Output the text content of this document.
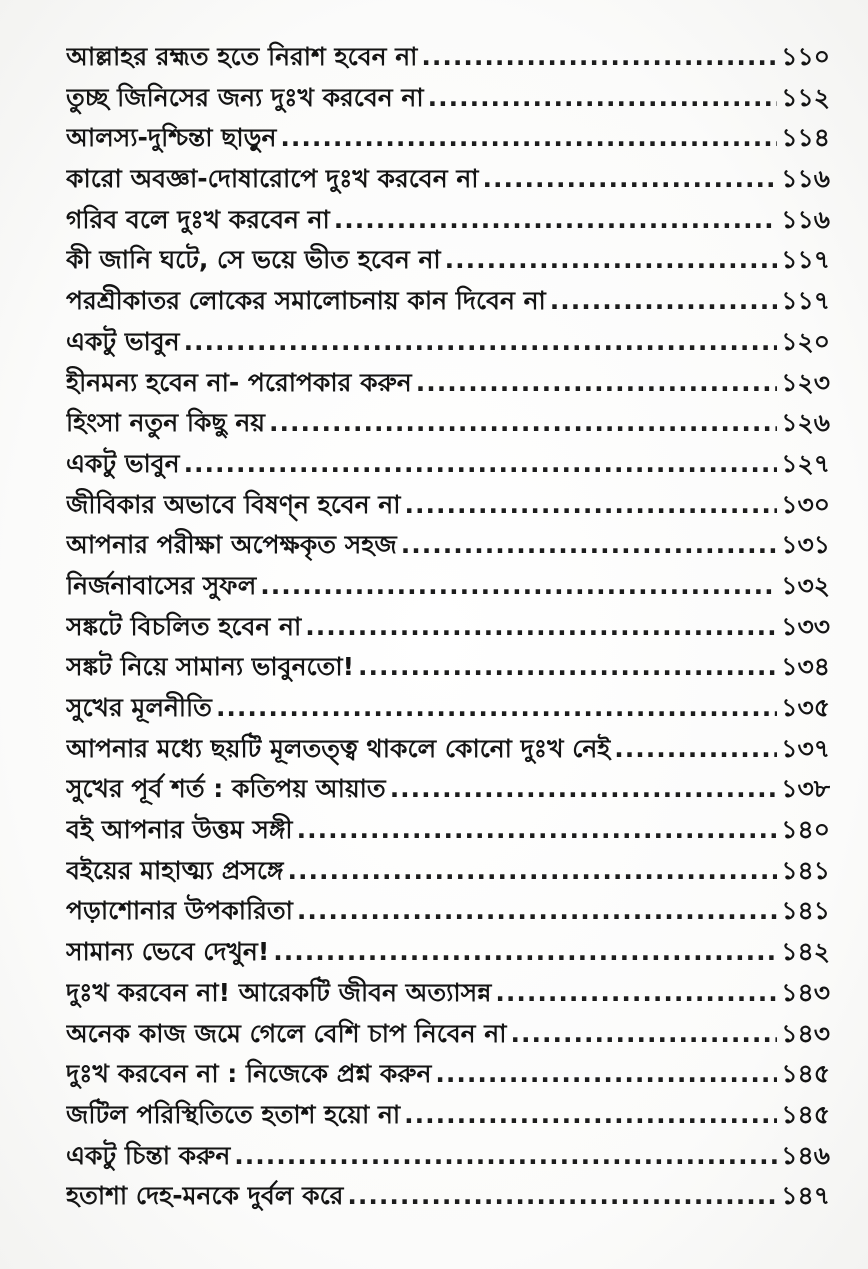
আল্লাহর রহ্মত হতে নিরাশ হবেন না .....	১১০
তুচ্ছ জিনিসের জন্য দুঃখ করবেন না .....	১১২
আলস্য-দুশ্চিন্তা ছাড়ুন .....	১১৪
কারো অবজ্ঞা-দোষারোপে দুঃখ করবেন না .....	১১৬
গরিব বলে দুঃখ করবেন না .....	১১৬
কী জানি ঘটে, সে ভয়ে ভীত হবেন না .....	১১৭
পরশ্রীকাতর লোকের সমালোচনায় কান দিবেন না .....	১১৭
একটু ভাবুন .....	১২০
হীনমন্য হবেন না- পরোপকার করুন .....	১২৩
হিংসা নতুন কিছু নয় .....	১২৬
একটু ভাবুন .....	১২৭
জীবিকার অভাবে বিষণ্ন হবেন না .....	১৩০
আপনার পরীক্ষা অপেক্ষকৃত সহজ .....	১৩১
নির্জনাবাসের সুফল .....	১৩২
সঙ্কটে বিচলিত হবেন না .....	১৩৩
সঙ্কট নিয়ে সামান্য ভাবুনতো! .....	১৩৪
সুখের মূলনীতি .....	১৩৫
আপনার মধ্যে ছয়টি মূলতত্ত্ব থাকলে কোনো দুঃখ নেই .....	১৩৭
সুখের পূর্ব শর্ত : কতিপয় আয়াত .....	১৩৮
বই আপনার উত্তম সঙ্গী .....	১৪০
বইয়ের মাহাত্ম্য প্রসঙ্গে .....	১৪১
পড়াশোনার উপকারিতা .....	১৪১
সামান্য ভেবে দেখুন! .....	১৪২
দুঃখ করবেন না! আরেকটি জীবন অত্যাসন্ন .....	১৪৩
অনেক কাজ জমে গেলে বেশি চাপ নিবেন না .....	১৪৩
দুঃখ করবেন না : নিজেকে প্রশ্ন করুন .....	১৪৫
জটিল পরিস্থিতিতে হতাশ হয়ো না .....	১৪৫
একটু চিন্তা করুন .....	১৪৬
হতাশা দেহ-মনকে দুর্বল করে .....	১৪৭
